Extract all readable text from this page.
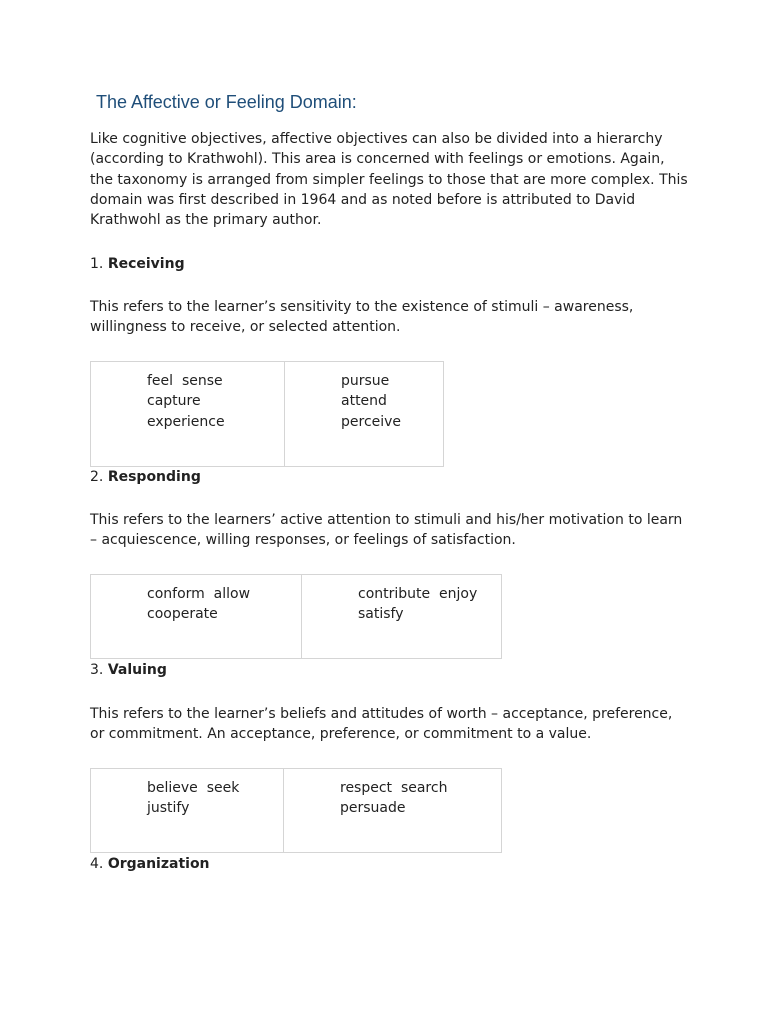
The Affective or Feeling Domain:

Like cognitive objectives, affective objectives can also be divided into a hierarchy (according to Krathwohl). This area is concerned with feelings or emotions. Again, the taxonomy is arranged from simpler feelings to those that are more complex. This domain was first described in 1964 and as noted before is attributed to David Krathwohl as the primary author.

1. Receiving

This refers to the learner’s sensitivity to the existence of stimuli – awareness, willingness to receive, or selected attention.

feel  sense
capture
experience
pursue
attend
perceive

2. Responding

This refers to the learners’ active attention to stimuli and his/her motivation to learn – acquiescence, willing responses, or feelings of satisfaction.

conform  allow
cooperate
contribute  enjoy
satisfy

3. Valuing

This refers to the learner’s beliefs and attitudes of worth – acceptance, preference, or commitment. An acceptance, preference, or commitment to a value.

believe  seek
justify
respect  search
persuade

4. Organization
